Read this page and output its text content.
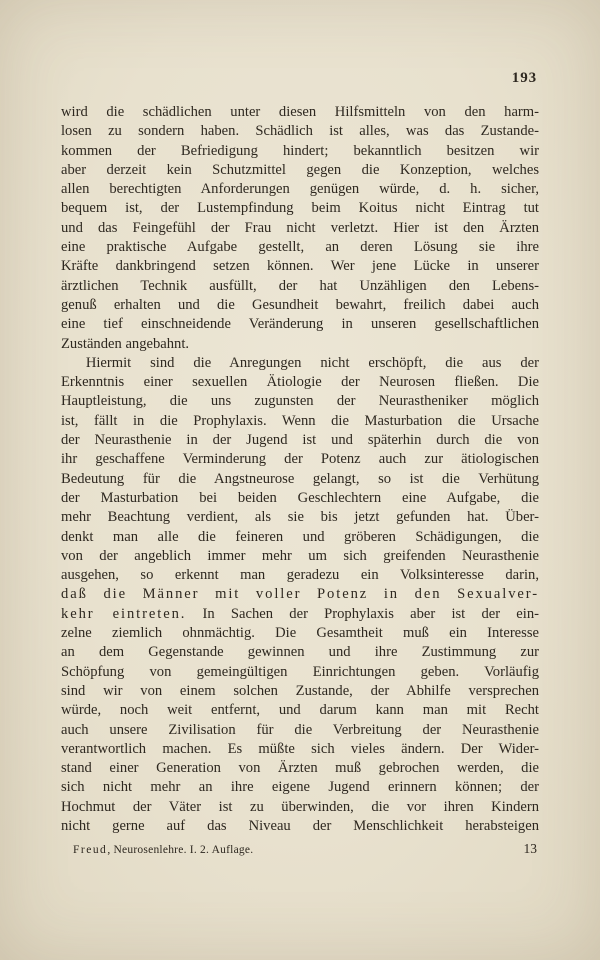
193
wird die schädlichen unter diesen Hilfsmitteln von den harm-
losen zu sondern haben. Schädlich ist alles, was das Zustande-
kommen der Befriedigung hindert; bekanntlich besitzen wir
aber derzeit kein Schutzmittel gegen die Konzeption, welches
allen berechtigten Anforderungen genügen würde, d. h. sicher,
bequem ist, der Lustempfindung beim Koitus nicht Eintrag tut
und das Feingefühl der Frau nicht verletzt. Hier ist den Ärzten
eine praktische Aufgabe gestellt, an deren Lösung sie ihre
Kräfte dankbringend setzen können. Wer jene Lücke in unserer
ärztlichen Technik ausfüllt, der hat Unzähligen den Lebens-
genuß erhalten und die Gesundheit bewahrt, freilich dabei auch
eine tief einschneidende Veränderung in unseren gesellschaftlichen
Zuständen angebahnt.
Hiermit sind die Anregungen nicht erschöpft, die aus der
Erkenntnis einer sexuellen Ätiologie der Neurosen fließen. Die
Hauptleistung, die uns zugunsten der Neurastheniker möglich
ist, fällt in die Prophylaxis. Wenn die Masturbation die Ursache
der Neurasthenie in der Jugend ist und späterhin durch die von
ihr geschaffene Verminderung der Potenz auch zur ätiologischen
Bedeutung für die Angstneurose gelangt, so ist die Verhütung
der Masturbation bei beiden Geschlechtern eine Aufgabe, die
mehr Beachtung verdient, als sie bis jetzt gefunden hat. Über-
denkt man alle die feineren und gröberen Schädigungen, die
von der angeblich immer mehr um sich greifenden Neurasthenie
ausgehen, so erkennt man geradezu ein Volksinteresse darin,
daß die Männer mit voller Potenz in den Sexualver-
kehr eintreten. In Sachen der Prophylaxis aber ist der ein-
zelne ziemlich ohnmächtig. Die Gesamtheit muß ein Interesse
an dem Gegenstande gewinnen und ihre Zustimmung zur
Schöpfung von gemeingültigen Einrichtungen geben. Vorläufig
sind wir von einem solchen Zustande, der Abhilfe versprechen
würde, noch weit entfernt, und darum kann man mit Recht
auch unsere Zivilisation für die Verbreitung der Neurasthenie
verantwortlich machen. Es müßte sich vieles ändern. Der Wider-
stand einer Generation von Ärzten muß gebrochen werden, die
sich nicht mehr an ihre eigene Jugend erinnern können; der
Hochmut der Väter ist zu überwinden, die vor ihren Kindern
nicht gerne auf das Niveau der Menschlichkeit herabsteigen
Freud, Neurosenlehre. I. 2. Auflage.	13
